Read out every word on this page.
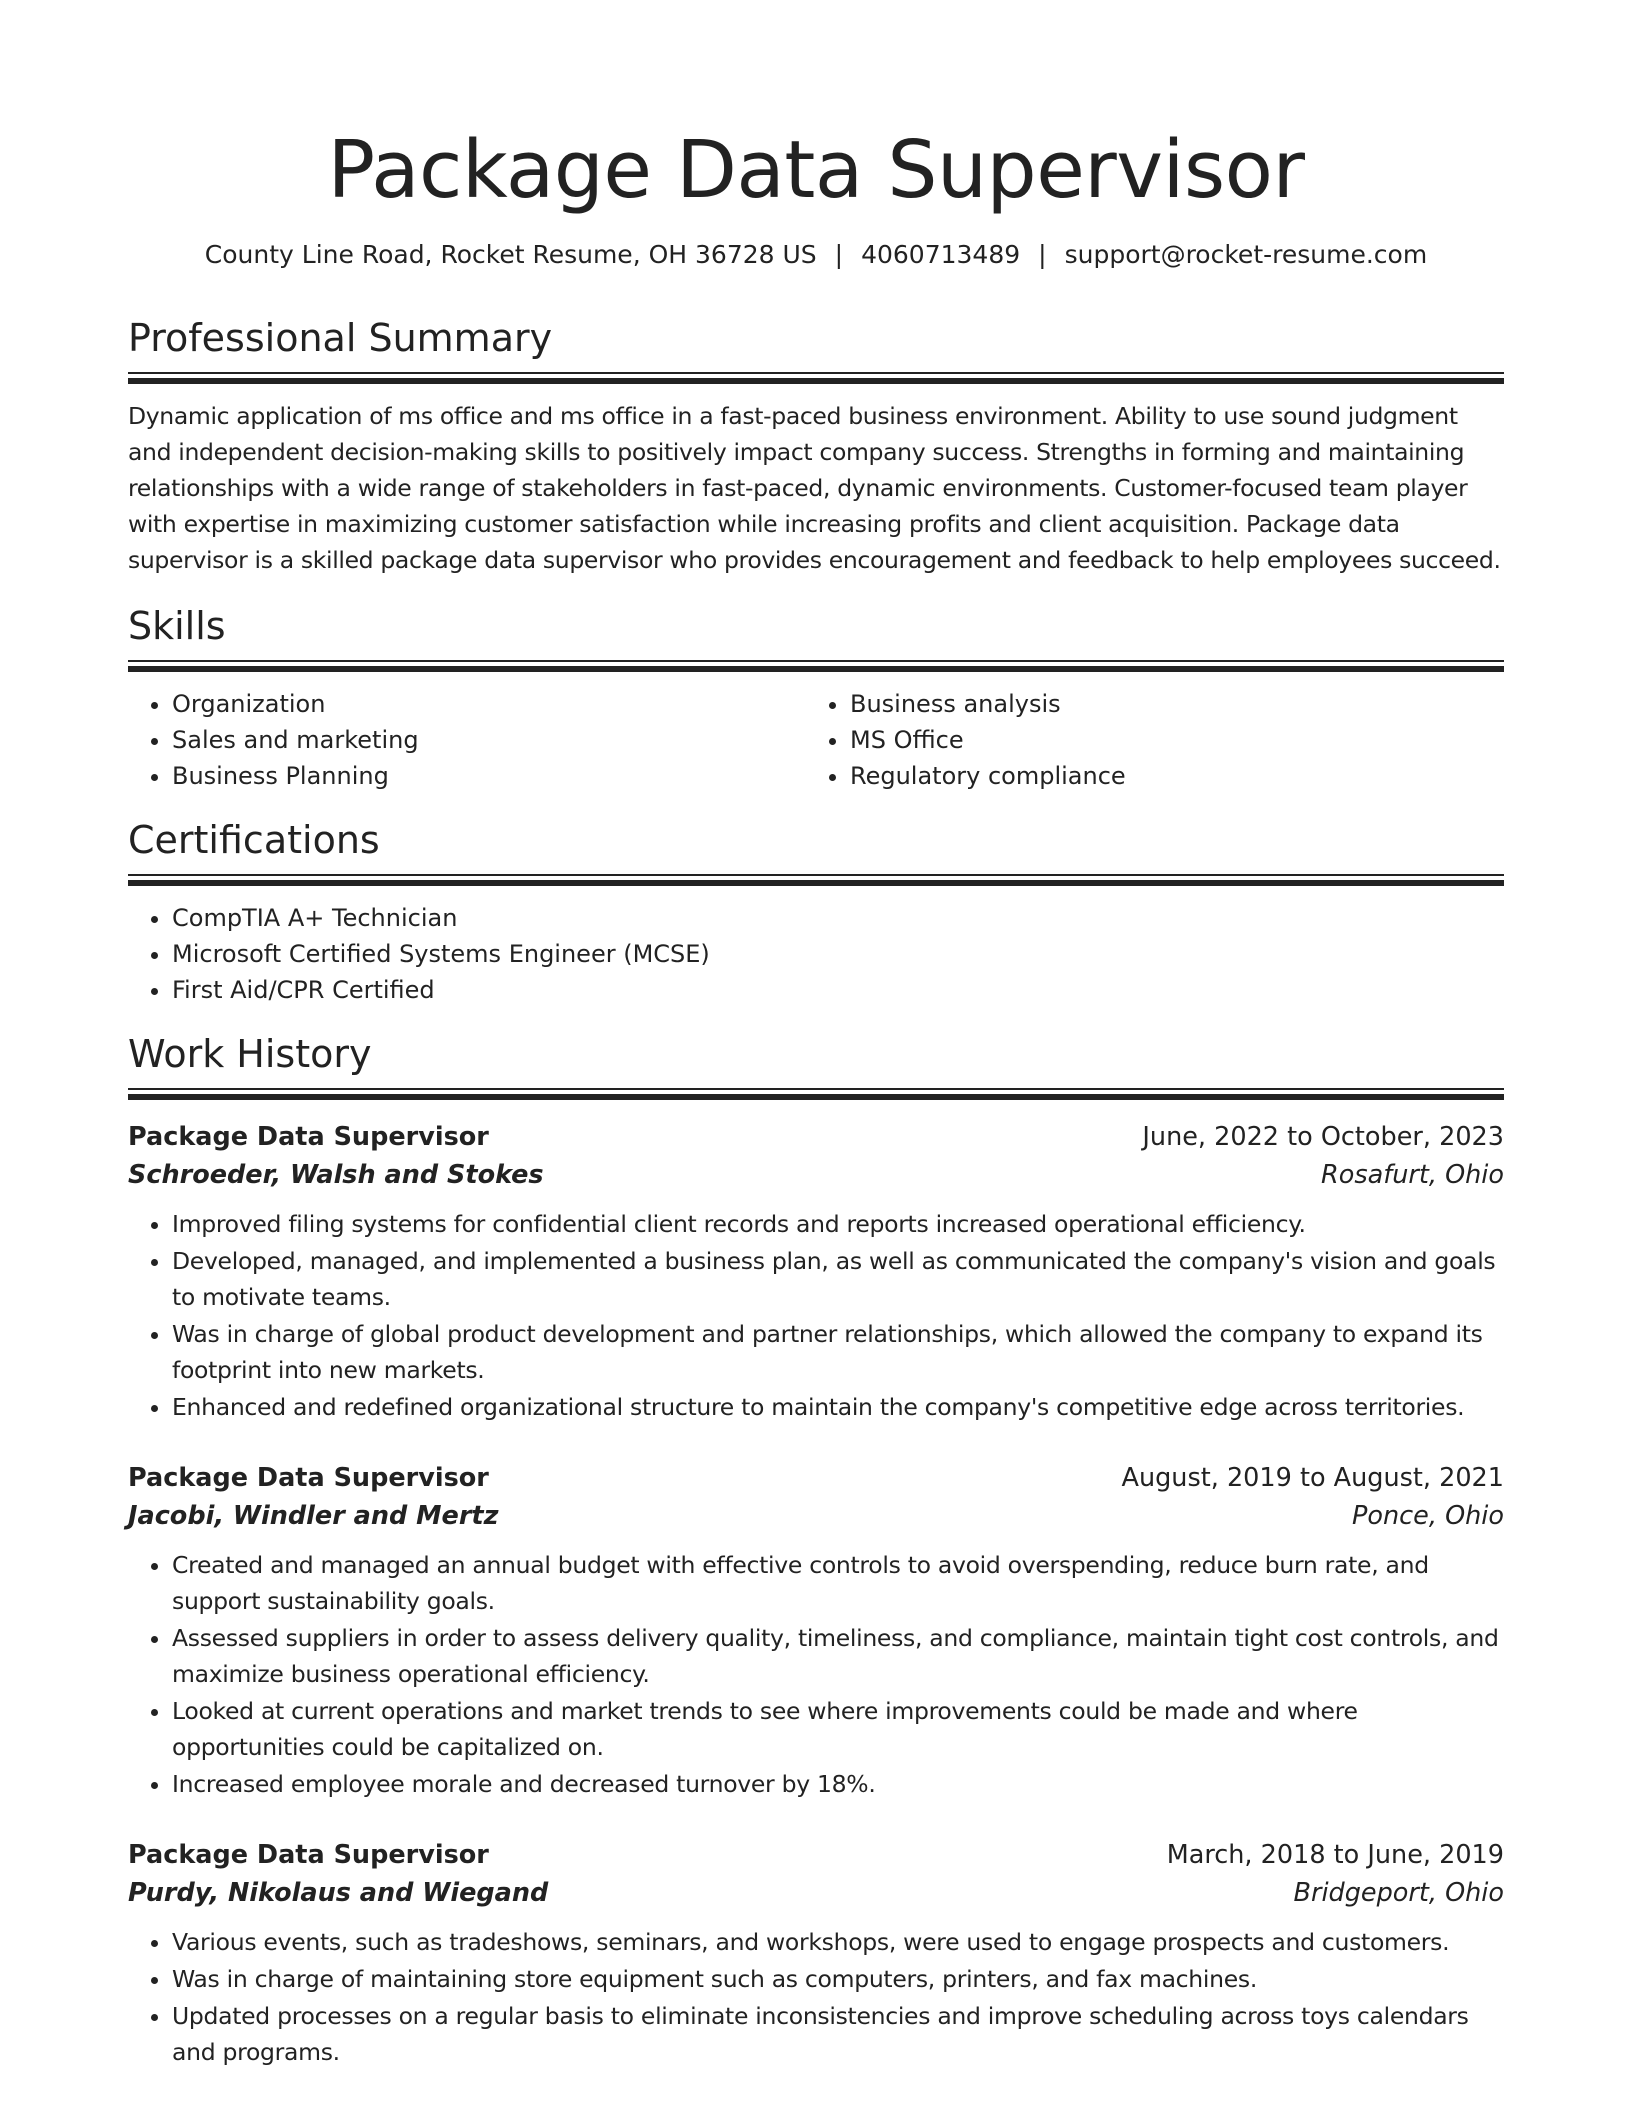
Package Data Supervisor
County Line Road, Rocket Resume, OH 36728 US | 4060713489 | support@rocket-resume.com
Professional Summary

Dynamic application of ms office and ms office in a fast-paced business environment. Ability to use sound judgment and independent decision-making skills to positively impact company success. Strengths in forming and maintaining relationships with a wide range of stakeholders in fast-paced, dynamic environments. Customer-focused team player with expertise in maximizing customer satisfaction while increasing profits and client acquisition. Package data supervisor is a skilled package data supervisor who provides encouragement and feedback to help employees succeed.

Skills
• Organization
• Sales and marketing
• Business Planning
• Business analysis
• MS Office
• Regulatory compliance
Certifications
• CompTIA A+ Technician
• Microsoft Certified Systems Engineer (MCSE)
• First Aid/CPR Certified
Work History
Package Data Supervisor	June, 2022 to October, 2023
Schroeder, Walsh and Stokes	Rosafurt, Ohio
• Improved filing systems for confidential client records and reports increased operational efficiency.
• Developed, managed, and implemented a business plan, as well as communicated the company's vision and goals to motivate teams.
• Was in charge of global product development and partner relationships, which allowed the company to expand its footprint into new markets.
• Enhanced and redefined organizational structure to maintain the company's competitive edge across territories.
Package Data Supervisor	August, 2019 to August, 2021
Jacobi, Windler and Mertz	Ponce, Ohio
• Created and managed an annual budget with effective controls to avoid overspending, reduce burn rate, and support sustainability goals.
• Assessed suppliers in order to assess delivery quality, timeliness, and compliance, maintain tight cost controls, and maximize business operational efficiency.
• Looked at current operations and market trends to see where improvements could be made and where opportunities could be capitalized on.
• Increased employee morale and decreased turnover by 18%.
Package Data Supervisor	March, 2018 to June, 2019
Purdy, Nikolaus and Wiegand	Bridgeport, Ohio
• Various events, such as tradeshows, seminars, and workshops, were used to engage prospects and customers.
• Was in charge of maintaining store equipment such as computers, printers, and fax machines.
• Updated processes on a regular basis to eliminate inconsistencies and improve scheduling across toys calendars and programs.
